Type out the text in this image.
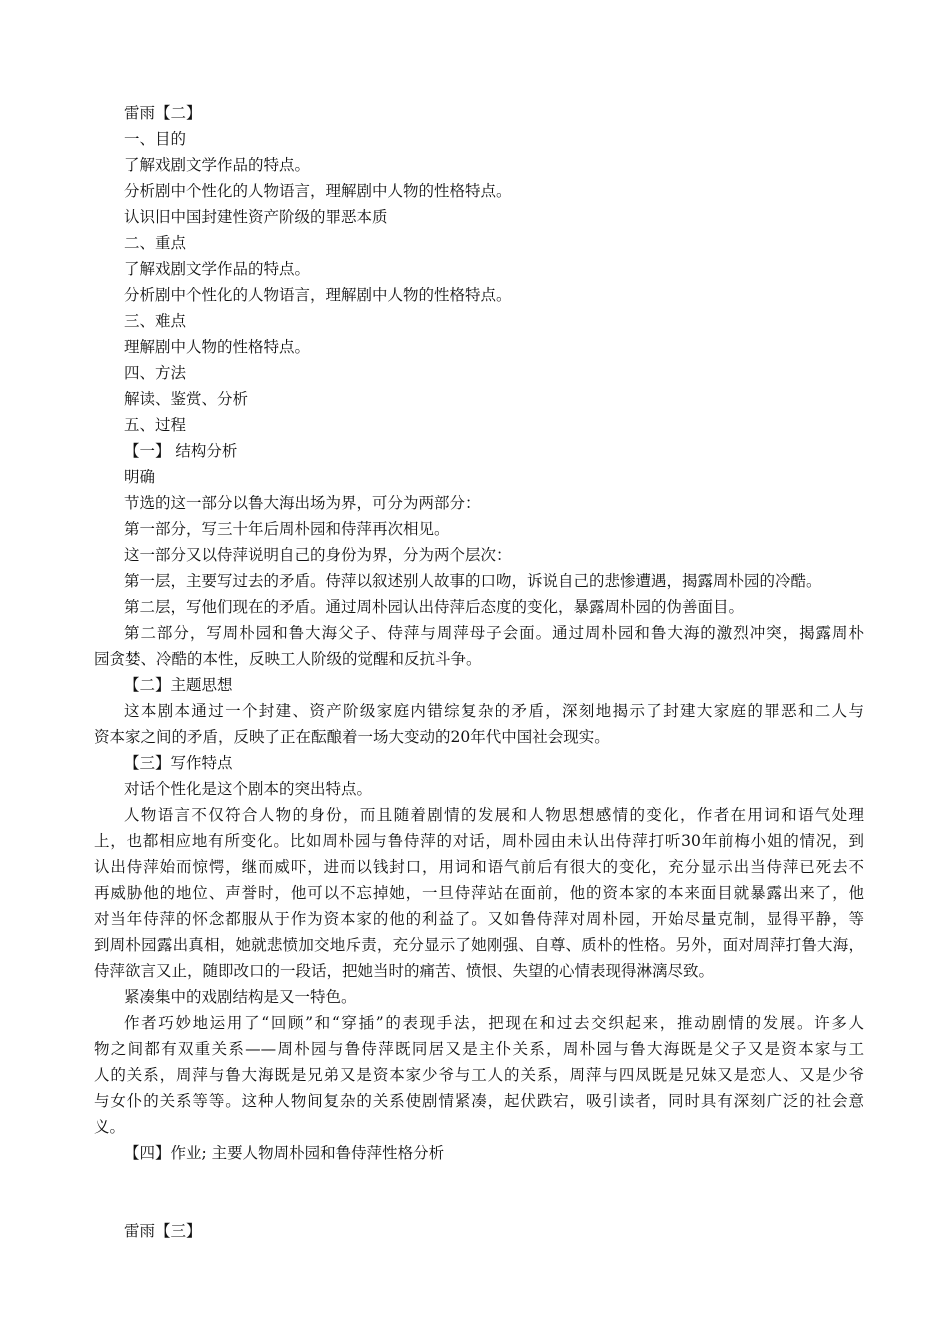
雷雨【二】
一、目的
了解戏剧文学作品的特点。
分析剧中个性化的人物语言，理解剧中人物的性格特点。
认识旧中国封建性资产阶级的罪恶本质
二、重点
了解戏剧文学作品的特点。
分析剧中个性化的人物语言，理解剧中人物的性格特点。
三、难点
理解剧中人物的性格特点。
四、方法
解读、鉴赏、分析
五、过程
【一】 结构分析
明确
节选的这一部分以鲁大海出场为界，可分为两部分：
第一部分，写三十年后周朴园和侍萍再次相见。
这一部分又以侍萍说明自己的身份为界，分为两个层次：
第一层，主要写过去的矛盾。侍萍以叙述别人故事的口吻，诉说自己的悲惨遭遇，揭露周朴园的冷酷。
第二层，写他们现在的矛盾。通过周朴园认出侍萍后态度的变化，暴露周朴园的伪善面目。
第二部分，写周朴园和鲁大海父子、侍萍与周萍母子会面。通过周朴园和鲁大海的激烈冲突，揭露周朴
园贪婪、冷酷的本性，反映工人阶级的觉醒和反抗斗争。
【二】主题思想
这本剧本通过一个封建、资产阶级家庭内错综复杂的矛盾，深刻地揭示了封建大家庭的罪恶和二人与
资本家之间的矛盾，反映了正在酝酿着一场大变动的20年代中国社会现实。
【三】写作特点
对话个性化是这个剧本的突出特点。
人物语言不仅符合人物的身份，而且随着剧情的发展和人物思想感情的变化，作者在用词和语气处理
上，也都相应地有所变化。比如周朴园与鲁侍萍的对话，周朴园由未认出侍萍打听30年前梅小姐的情况，到
认出侍萍始而惊愕，继而威吓，进而以钱封口，用词和语气前后有很大的变化，充分显示出当侍萍已死去不
再威胁他的地位、声誉时，他可以不忘掉她，一旦侍萍站在面前，他的资本家的本来面目就暴露出来了，他
对当年侍萍的怀念都服从于作为资本家的他的利益了。又如鲁侍萍对周朴园，开始尽量克制，显得平静，等
到周朴园露出真相，她就悲愤加交地斥责，充分显示了她刚强、自尊、质朴的性格。另外，面对周萍打鲁大海，
侍萍欲言又止，随即改口的一段话，把她当时的痛苦、愤恨、失望的心情表现得淋漓尽致。
紧凑集中的戏剧结构是又一特色。
作者巧妙地运用了“回顾”和“穿插”的表现手法，把现在和过去交织起来，推动剧情的发展。许多人
物之间都有双重关系——周朴园与鲁侍萍既同居又是主仆关系，周朴园与鲁大海既是父子又是资本家与工
人的关系，周萍与鲁大海既是兄弟又是资本家少爷与工人的关系，周萍与四凤既是兄妹又是恋人、又是少爷
与女仆的关系等等。这种人物间复杂的关系使剧情紧凑，起伏跌宕，吸引读者，同时具有深刻广泛的社会意
义。
【四】作业; 主要人物周朴园和鲁侍萍性格分析
雷雨【三】
